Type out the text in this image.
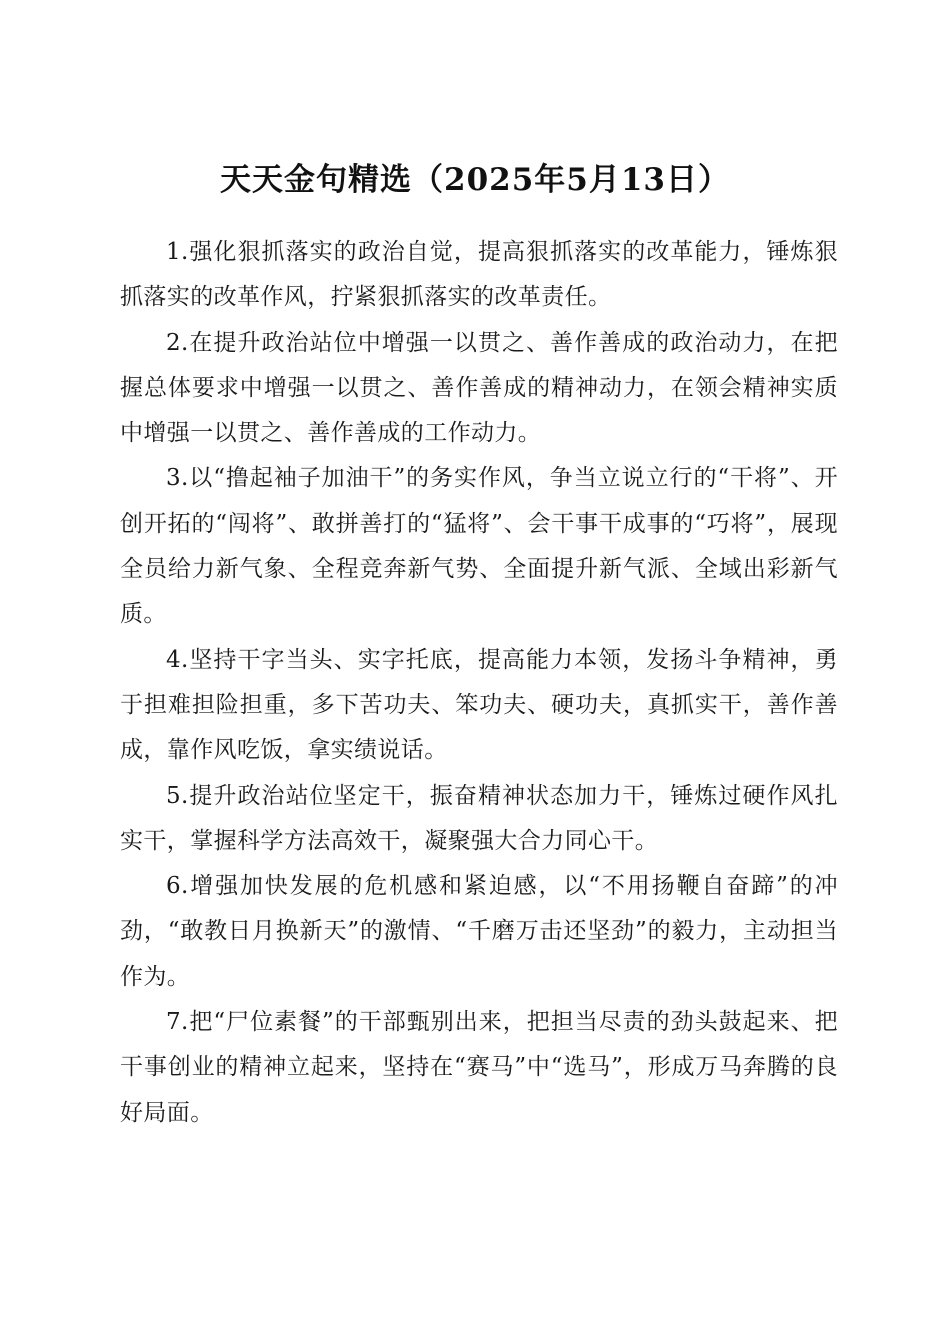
天天金句精选（2025年5月13日）

1.强化狠抓落实的政治自觉，提高狠抓落实的改革能力，锤炼狠抓落实的改革作风，拧紧狠抓落实的改革责任。

2.在提升政治站位中增强一以贯之、善作善成的政治动力，在把握总体要求中增强一以贯之、善作善成的精神动力，在领会精神实质中增强一以贯之、善作善成的工作动力。

3.以“撸起袖子加油干”的务实作风，争当立说立行的“干将”、开创开拓的“闯将”、敢拼善打的“猛将”、会干事干成事的“巧将”，展现全员给力新气象、全程竞奔新气势、全面提升新气派、全域出彩新气质。

4.坚持干字当头、实字托底，提高能力本领，发扬斗争精神，勇于担难担险担重，多下苦功夫、笨功夫、硬功夫，真抓实干，善作善成，靠作风吃饭，拿实绩说话。

5.提升政治站位坚定干，振奋精神状态加力干，锤炼过硬作风扎实干，掌握科学方法高效干，凝聚强大合力同心干。

6.增强加快发展的危机感和紧迫感，以“不用扬鞭自奋蹄”的冲劲，“敢教日月换新天”的激情、“千磨万击还坚劲”的毅力，主动担当作为。

7.把“尸位素餐”的干部甄别出来，把担当尽责的劲头鼓起来、把干事创业的精神立起来，坚持在“赛马”中“选马”，形成万马奔腾的良好局面。
